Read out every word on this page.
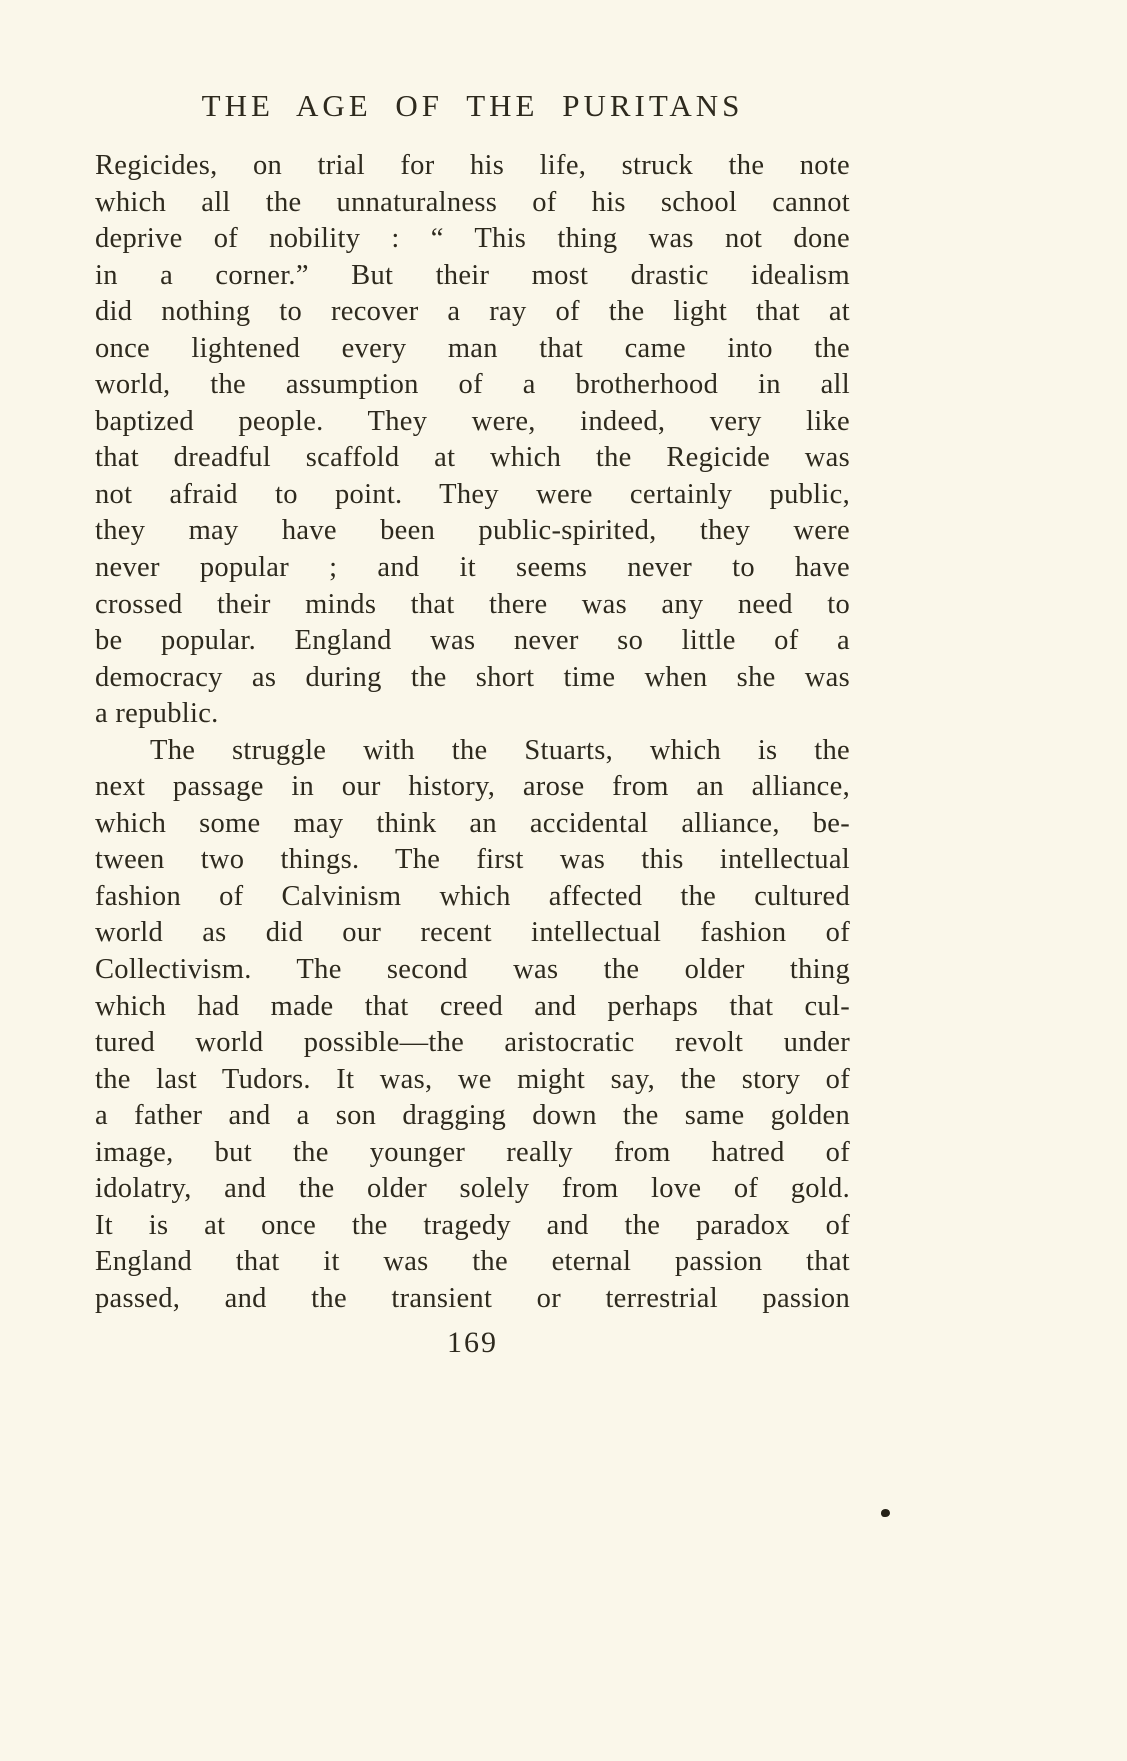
THE AGE OF THE PURITANS
Regicides, on trial for his life, struck the note
which all the unnaturalness of his school cannot
deprive of nobility : “ This thing was not done
in a corner.” But their most drastic idealism
did nothing to recover a ray of the light that at
once lightened every man that came into the
world, the assumption of a brotherhood in all
baptized people. They were, indeed, very like
that dreadful scaffold at which the Regicide was
not afraid to point. They were certainly public,
they may have been public-spirited, they were
never popular ; and it seems never to have
crossed their minds that there was any need to
be popular. England was never so little of a
democracy as during the short time when she was
a republic.
The struggle with the Stuarts, which is the
next passage in our history, arose from an alliance,
which some may think an accidental alliance, be-
tween two things. The first was this intellectual
fashion of Calvinism which affected the cultured
world as did our recent intellectual fashion of
Collectivism. The second was the older thing
which had made that creed and perhaps that cul-
tured world possible—the aristocratic revolt under
the last Tudors. It was, we might say, the story of
a father and a son dragging down the same golden
image, but the younger really from hatred of
idolatry, and the older solely from love of gold.
It is at once the tragedy and the paradox of
England that it was the eternal passion that
passed, and the transient or terrestrial passion
169
